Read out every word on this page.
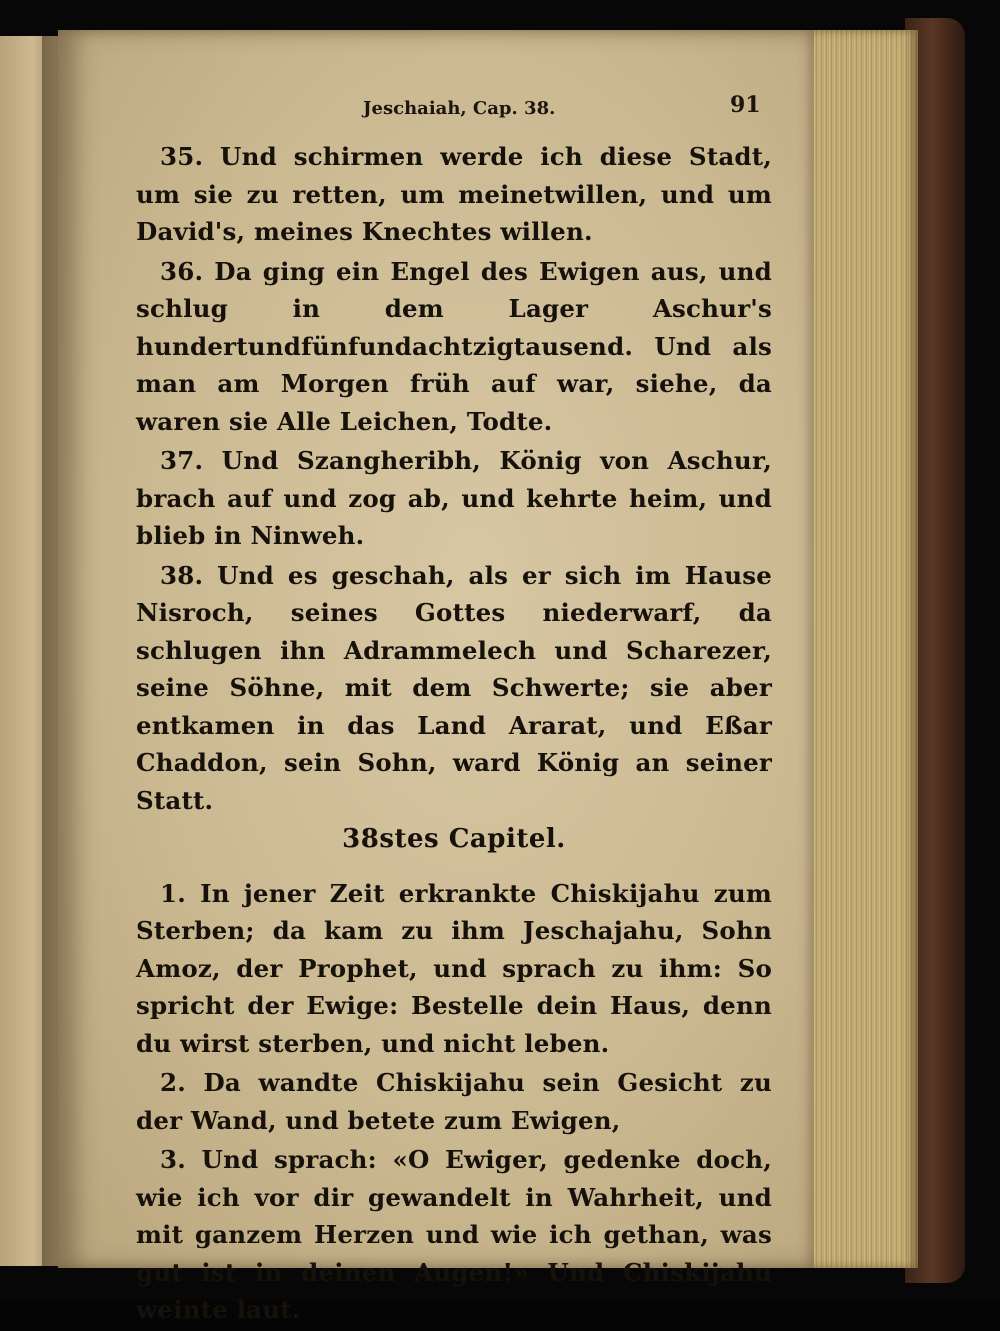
Jeschaiah, Cap. 38.	91

35. Und schirmen werde ich diese Stadt, um sie zu retten, um meinetwillen, und um David's, meines Knechtes willen.

36. Da ging ein Engel des Ewigen aus, und schlug in dem Lager Aschur's hundertundfünfundachtzigtausend. Und als man am Morgen früh auf war, siehe, da waren sie Alle Leichen, Todte.

37. Und Szangheribh, König von Aschur, brach auf und zog ab, und kehrte heim, und blieb in Ninweh.

38. Und es geschah, als er sich im Hause Nisroch, seines Gottes niederwarf, da schlugen ihn Adrammelech und Scharezer, seine Söhne, mit dem Schwerte; sie aber entkamen in das Land Ararat, und Eßar Chaddon, sein Sohn, ward König an seiner Statt.

38stes Capitel.

1. In jener Zeit erkrankte Chiskijahu zum Sterben; da kam zu ihm Jeschajahu, Sohn Amoz, der Prophet, und sprach zu ihm: So spricht der Ewige: Bestelle dein Haus, denn du wirst sterben, und nicht leben.

2. Da wandte Chiskijahu sein Gesicht zu der Wand, und betete zum Ewigen,

3. Und sprach: «O Ewiger, gedenke doch, wie ich vor dir gewandelt in Wahrheit, und mit ganzem Herzen und wie ich gethan, was gut ist in deinen Augen!» Und Chiskijahu weinte laut.
